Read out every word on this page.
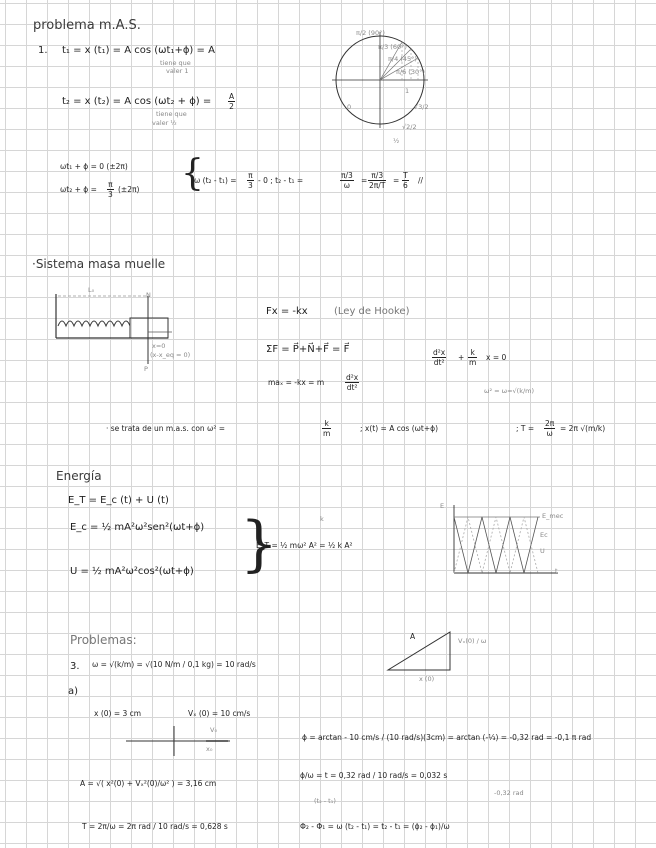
problema m.A.S.
1. t₁ = x (t₁) = A cos (ωt₁+ϕ) = A
tiene que
valer 1
t₂ = x (t₂) = A $\cos (\omega t_2 + \phi) = \frac{A}{2}$
tiene que
valer ½
ωt₁ + ϕ = 0 (±2π)
$\omega t_2 + \phi = \frac{\pi}{3} (\pm 2\pi)$ {
ω $(t_2 - t_1) = \frac{\pi}{3} - 0$ ; t₂ - t₁ =	$\frac{\pi/3}{\omega} = \frac{\pi/3}{2\pi/T} = \frac{T}{6}$ //
π/2 (90°)
π/3 (60°)
π/4 (45°)
π/6 (30°)
1
√3/2
√2/2
½
0
·Sistema masa muelle
L₀
N
x=0
(x-x_eq = 0)
P
Fx = -kx	(Ley de Hooke)
ΣF = P⃗+N⃗+F⃗ = F⃗
maₓ = -kx = m	$\frac{\text{d²x}}{\text{dt²}}$
$\frac{\text{d²x}}{\text{dt²}} + \frac{k}{m}$ x = 0
ω² = ω=√(k/m)
· se trata de un m.a.s. con ω² =	$\frac{k}{m}$	; x(t) = A cos (ωt+ϕ)	; $T = \frac{2\pi}{\omega} = 2\pi$ √(m/k)
Energía
E_T = E_c (t) + U (t)
E_c = ½ mA²ω²sen²(ωt+ϕ)
U = ½ mA²ω²cos²(ωt+ϕ) }
E_T = ½ mω² A² = ½ k A²
k
E
E_mec
Ec
U
t
Problemas:
3. ω = √(k/m) = √(10 N/m / 0,1 kg) = 10 rad/s
a)
A	Vₓ(0) / ω
x (0)
x (0) = 3 cm	Vₓ (0) = 10 cm/s
V₀
x₀
ϕ = arctan - 10 cm/s / (10 rad/s)(3cm) = arctan (-⅓) = -0,32 rad = -0,1 π rad
A = √( x²(0) + Vₓ²(0)/ω² ) = 3,16 cm
ϕ/ω = t = 0,32 rad / 10 rad/s = 0,032 s
(t₂ - t₁)
T = 2π/ω = 2π rad / 10 rad/s = 0,628 s	Φ₂ - Φ₁ = ω (t₂ - t₁) = t₂ - t₁ = (ϕ₂ - ϕ₁)/ω
-0,32 rad
